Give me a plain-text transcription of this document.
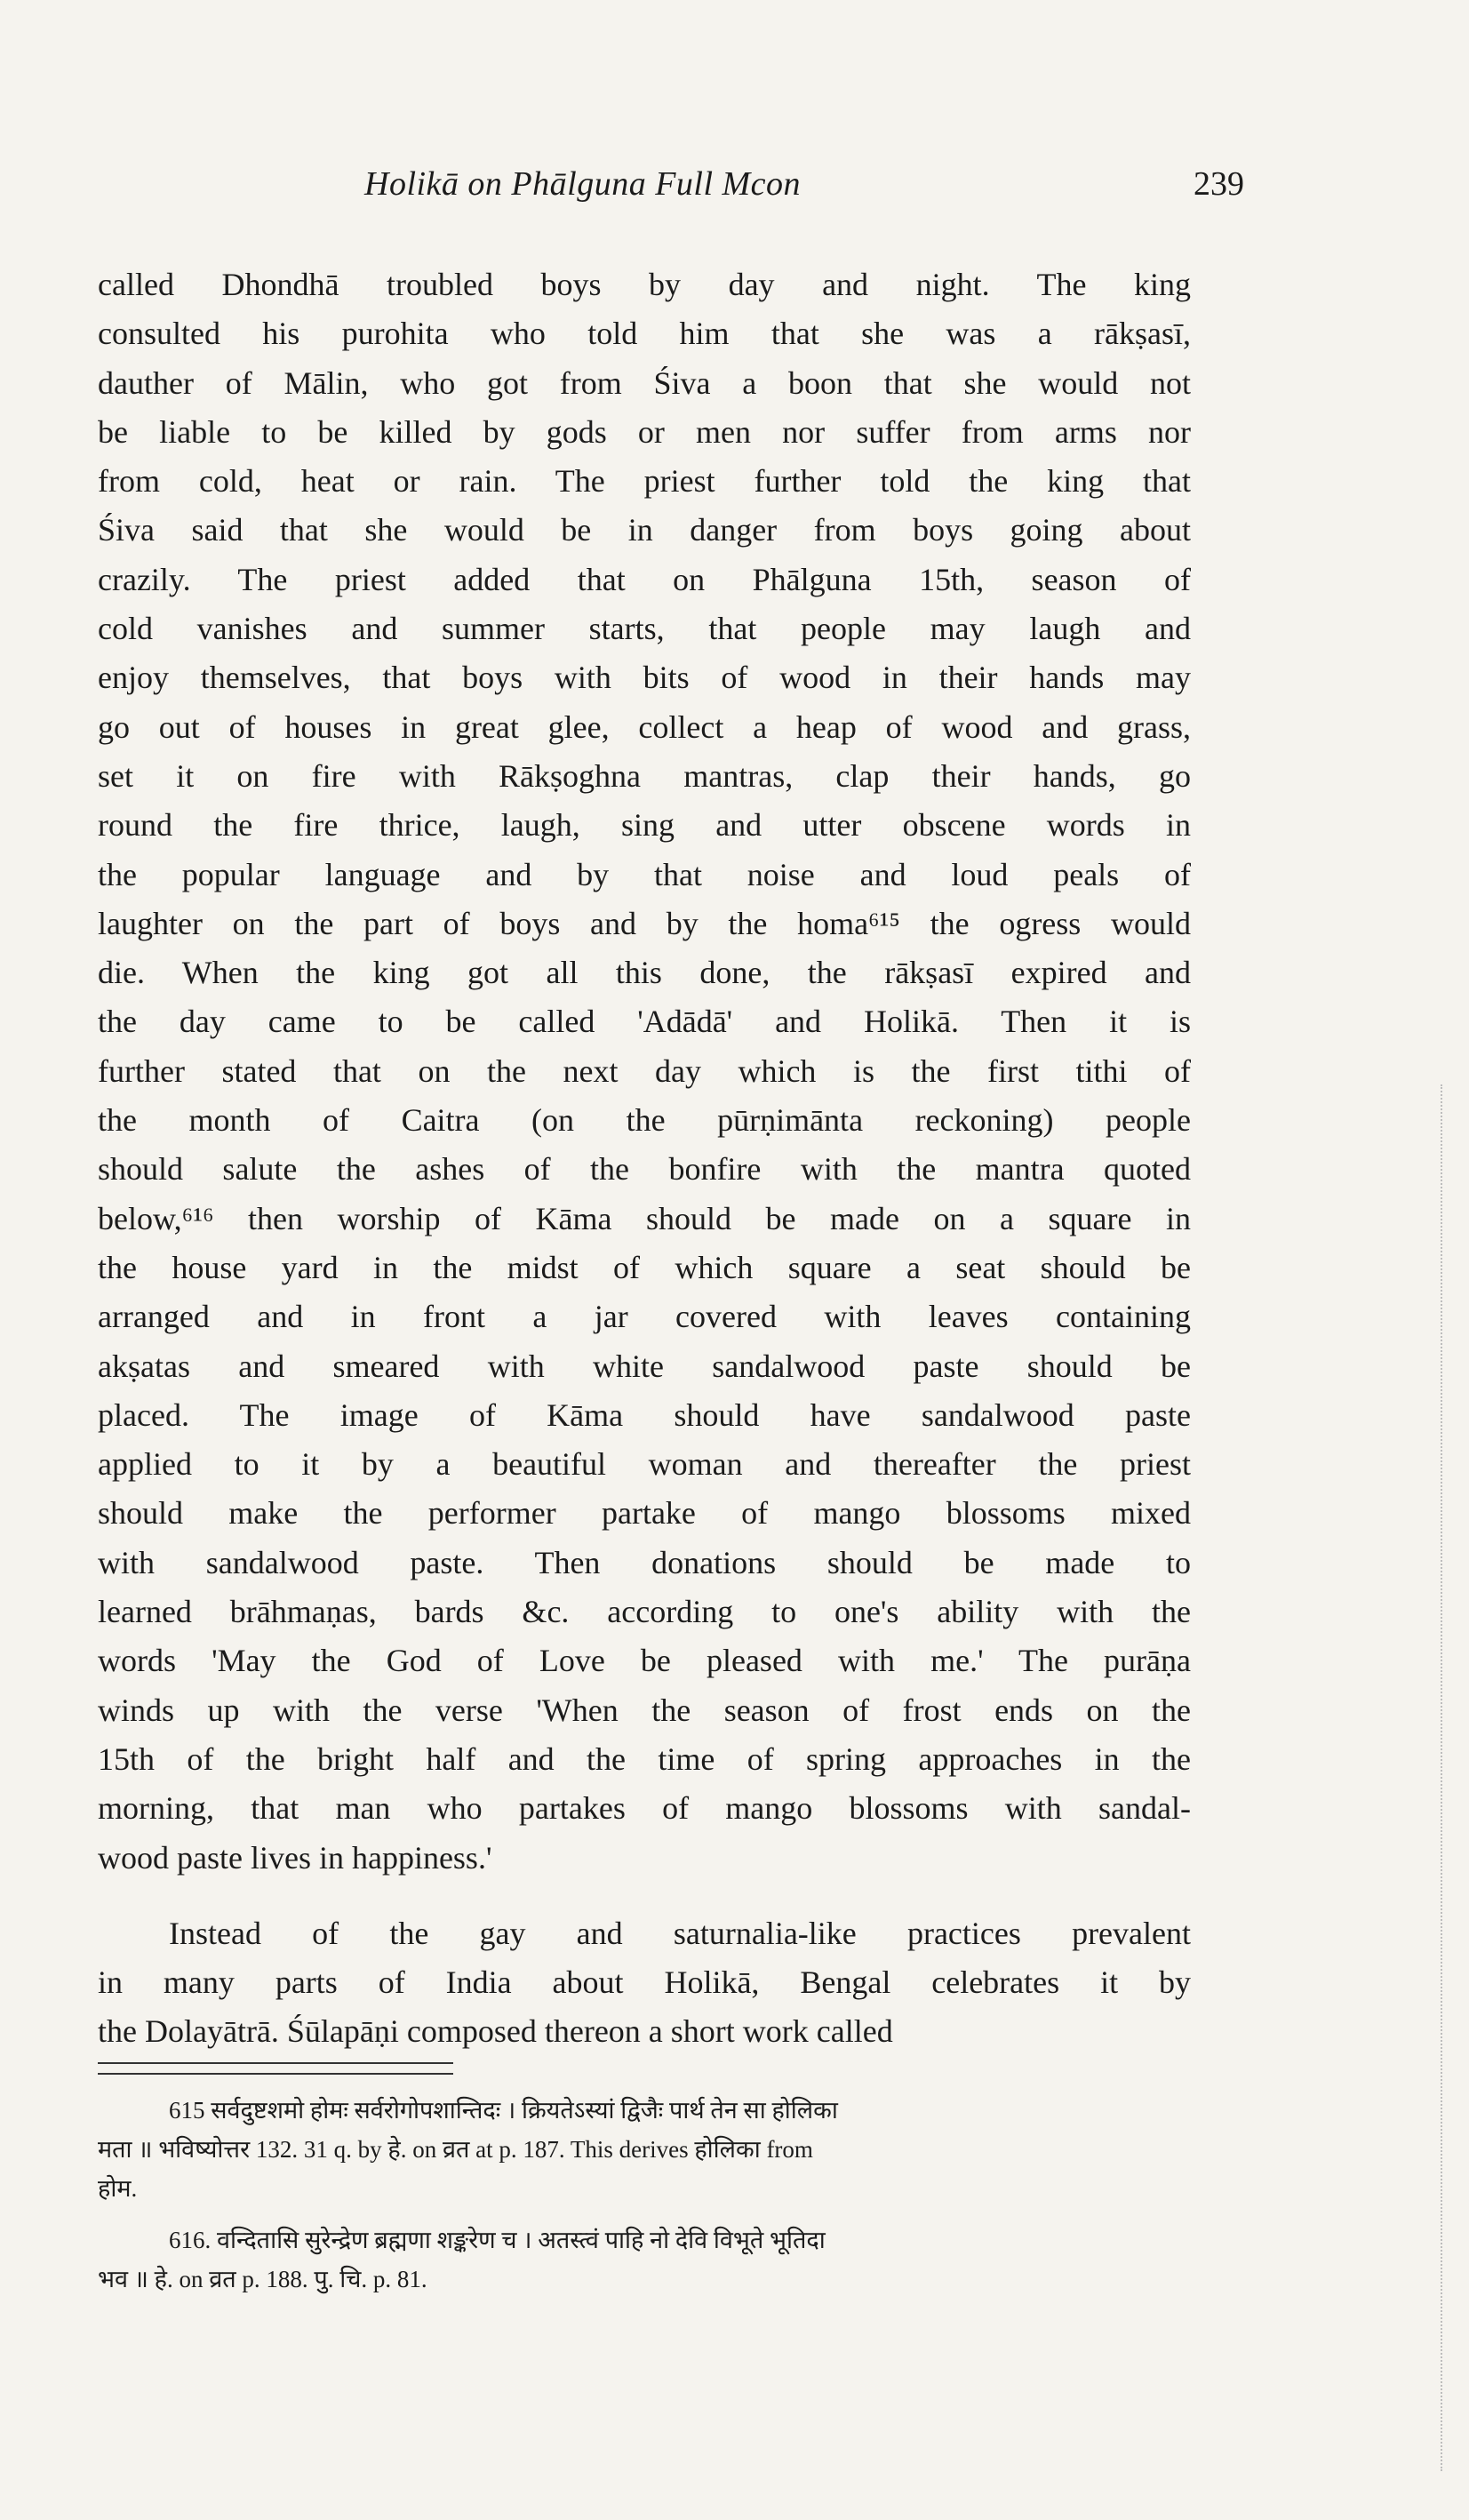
Holikā on Phālguna Full Mcon	239

called Dhondhā troubled boys by day and night. The king
consulted his purohita who told him that she was a rākṣasī,
dauther of Mālin, who got from Śiva a boon that she would not
be liable to be killed by gods or men nor suffer from arms nor
from cold, heat or rain. The priest further told the king that
Śiva said that she would be in danger from boys going about
crazily. The priest added that on Phālguna 15th, season of
cold vanishes and summer starts, that people may laugh and
enjoy themselves, that boys with bits of wood in their hands may
go out of houses in great glee, collect a heap of wood and grass,
set it on fire with Rākṣoghna mantras, clap their hands, go
round the fire thrice, laugh, sing and utter obscene words in
the popular language and by that noise and loud peals of
laughter on the part of boys and by the homa⁶¹⁵ the ogress would
die. When the king got all this done, the rākṣasī expired and
the day came to be called 'Adādā' and Holikā. Then it is
further stated that on the next day which is the first tithi of
the month of Caitra (on the pūrṇimānta reckoning) people
should salute the ashes of the bonfire with the mantra quoted
below,⁶¹⁶ then worship of Kāma should be made on a square in
the house yard in the midst of which square a seat should be
arranged and in front a jar covered with leaves containing
akṣatas and smeared with white sandalwood paste should be
placed. The image of Kāma should have sandalwood paste
applied to it by a beautiful woman and thereafter the priest
should make the performer partake of mango blossoms mixed
with sandalwood paste. Then donations should be made to
learned brāhmaṇas, bards &c. according to one's ability with the
words 'May the God of Love be pleased with me.' The purāṇa
winds up with the verse 'When the season of frost ends on the
15th of the bright half and the time of spring approaches in the
morning, that man who partakes of mango blossoms with sandal-
wood paste lives in happiness.'

Instead of the gay and saturnalia-like practices prevalent
in many parts of India about Holikā, Bengal celebrates it by
the Dolayātrā. Śūlapāṇi composed thereon a short work called

615 सर्वदुष्टशमो होमः सर्वरोगोपशान्तिदः । क्रियतेऽस्यां द्विजैः पार्थ तेन सा होलिका
मता ॥ भविष्योत्तर 132. 31 q. by हे. on व्रत at p. 187. This derives होलिका from
होम.

616. वन्दितासि सुरेन्द्रेण ब्रह्मणा शङ्करेण च । अतस्त्वं पाहि नो देवि विभूते भूतिदा
भव ॥ हे. on व्रत p. 188. पु. चि. p. 81.
